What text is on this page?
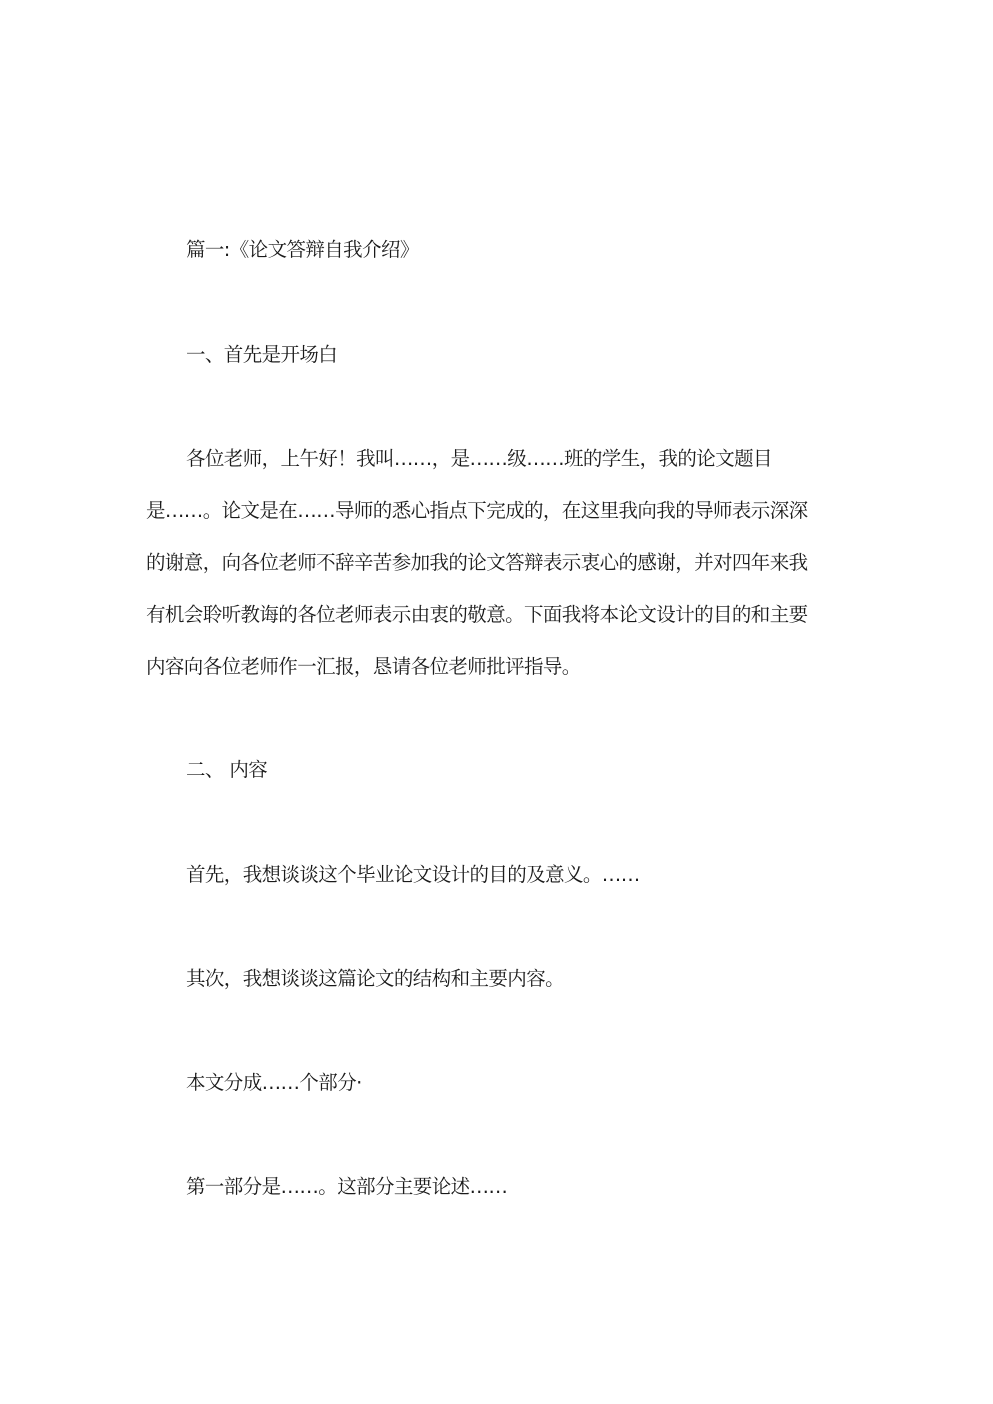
篇一:《论文答辩自我介绍》
一、首先是开场白
各位老师，上午好！我叫……，是……级……班的学生，我的论文题目
是……。论文是在……导师的悉心指点下完成的，在这里我向我的导师表示深深
的谢意，向各位老师不辞辛苦参加我的论文答辩表示衷心的感谢，并对四年来我
有机会聆听教诲的各位老师表示由衷的敬意。下面我将本论文设计的目的和主要
内容向各位老师作一汇报，恳请各位老师批评指导。
二、 内容
首先，我想谈谈这个毕业论文设计的目的及意义。……
其次，我想谈谈这篇论文的结构和主要内容。
本文分成……个部分·
第一部分是……。这部分主要论述……
